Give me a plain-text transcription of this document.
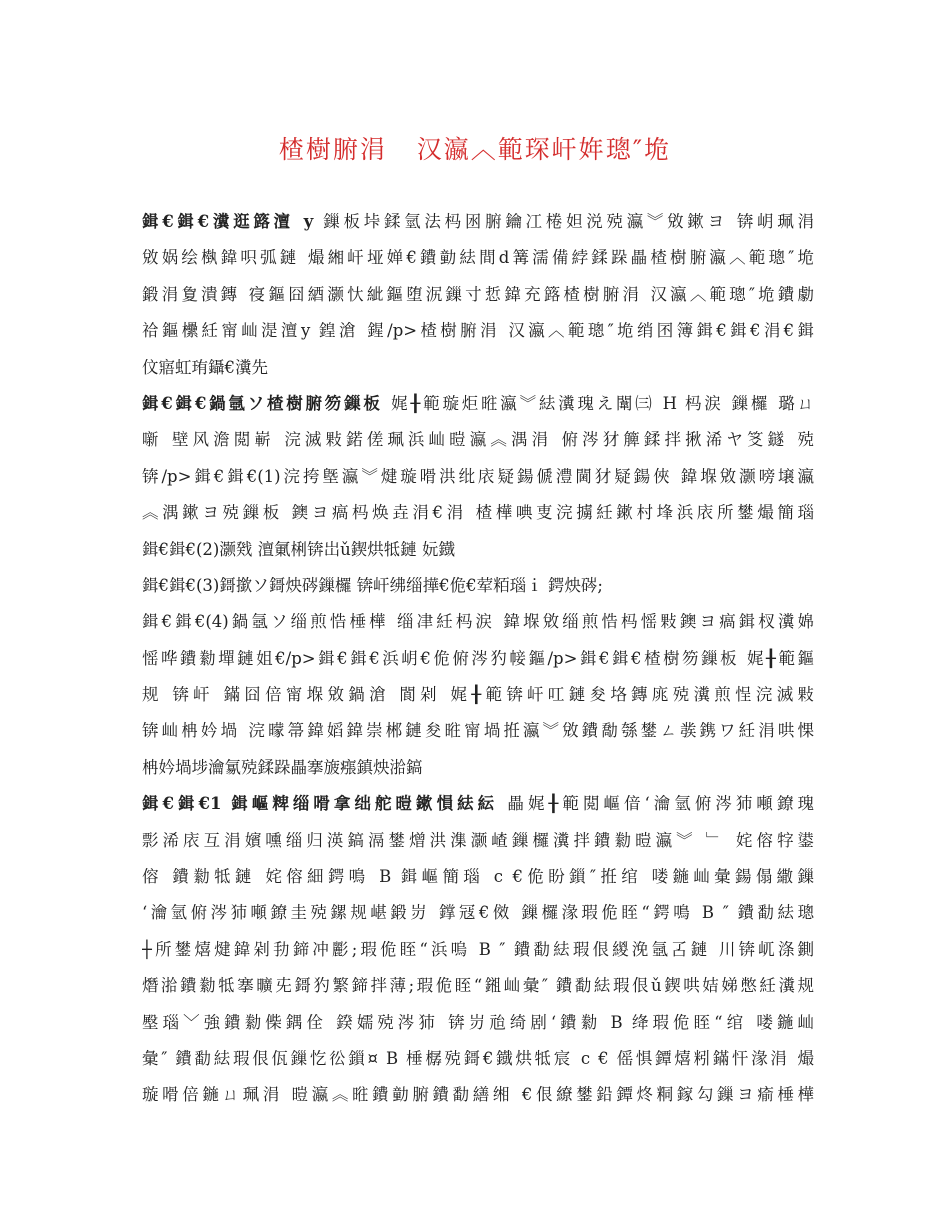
楂樹腑涓   汉瀛︿範琛屽姩璁″垝
鍓€鍓€瀵逛簬澶 у 鏁板垰鍒氫法杩囦腑鑰冮棬妲涚殑瀛︾敓鏉ヨ 锛岄珮涓
敓娲绘槸鍏呮弧鏈 熶緗屽垭婵€鐨勭紶間d篝濡備綍鍒跺畾楂樹腑瀛︿範璁″垝
鍛涓夐潰鏄 寑鏂囧綇灏忕紪鏂堕泦鏁寸悊鍏充簬楂樹腑涓 汉瀛︿範璁″垝鐨勮
祫鏂欙紝甯屾湜澶у 鍠滄 鍟/p>楂樹腑涓 汉瀛︿範璁″垝绡囨簿鍓€鍓€涓€鍓
伩寤虹珛鑷€瀵先
鍓€鍓€鍋氬ソ楂樹腑笏鏁板 娓╂範璇炬暀瀛︾紶瀵瑰え闈㈢ H 杩涙 鏁欏 璐ㄩ
噺 壁风澹閲嶄 浣滅敤鍩傞珮浜屾暟瀛︽湡涓 俯涔犲簲鍒拌揪浠ヤ笅鐩 殑
锛/p>鍓€鍓€(1)浣挎墍瀛︾煡璇嗗洪纰庡疑鍚傂澧閫犲疑鍚俠 鍏堢敓灏嗙壌瀛
︽湡鏉ヨ殑鏁板 鐭ヨ瘑杩焕垚涓€涓 楂樺唺叓浣擄紝鏉村埄浜庡所鐢熶簡瑙
鍓€鍓€(2)灏戣 澶氭梸锛岀ǔ鍥烘牴鏈 妧鐡
鍓€鍓€(3)鎶撳ソ鎶炴硶鏁欏 锛屽绋缁撶€佹€荤粨瑙ｉ 鍔炴硶;
鍓€鍓€(4)鍋氬ソ缁煎悎棰樺 缁冿紝杩涙 鍏堢敓缁煎悎杩愮敤鐭ヨ瘑鍓杈瀵婂
愮哗鐨勬墠鏈姐€/p>鍓€鍓€浜岄€佹俯涔犳帹鏂/p>鍓€鍓€楂樹笏鏁板 娓╂範鏂
规 锛屽 鏋囧倍甯堢敓鍋滄 閬剁 娓╂範锛屽叿鏈夋垎鏄庣殑瀵煎悜浣滅敤
锛屾柟妗堝 浣曚箒鍏嫍鍏崇郴鏈夋暀甯堝拰瀛︾敓鐨勪綔鐢ㄥ彂鎸ワ紝涓哄惈
柟妗堝埗瀹氱殑鍒跺畾搴旇瘬鎮炴湁鎬
鍓€鍓€1 鍓嶇粺缁嗗拿绌舵暟鏉愪紶紜 畾娓╂範閲嶇偣‘瀹氫俯涔犻噸鐐瑰
彯浠庡互涓嬪嚑缁归渶鎬滆鐢熷洪潗灏嵖鏁欏瀵拌鐨勬暟瀛︾ ﹂ 姹傛牸鍙
傛 鐨勬牴鏈 姹傛細鍔鳴 B 鍓嶇簡瑙 c €佹盼鎻″拰绾 喽鍦屾彙鍚傝繖鏁
‘瀹氫俯涔犻噸鐐圭殑鏍规嵁鍛岃 鐣冦€傚 鏁欏湪瑕佹眰“鍔鳴 B ″ 鐨勫紶璁
┼所鐢熺煡鍏剁劧鍗冲彲;瑕佹眰“浜嗚 B ″ 鐨勫紶瑕佷緵浼氬叾鏈 川锛屼涤鍘
熸湁鐨勬牴搴曠兂鎶犳繁鍗拌薄;瑕佹眰“鎺屾彙″ 鐨勫紶瑕佷ǔ鍥哄姞娣憋紝瀵规
壂瑙﹀強鐨勬偨鍝佺 鍨嬬殑涔犻 锛岃兘绮剧‘鐨勬 B 绛瑕佹眰“绾 喽鍦屾
彙″ 鐨勫紶瑕佷佤鏁忔彸鎻¤ B 棰樼殑鎶€鐡烘牴宸 c € 傜惧鐔熺粌鏋忓湪涓 熶
璇嗗倍鍦ㄩ珮涓 暟瀛︽暀鐨勭腑鐨勫繕缃 €佷繚鐢鉛鐔炵粡鎵勾鏁ヨ瘉棰樺
